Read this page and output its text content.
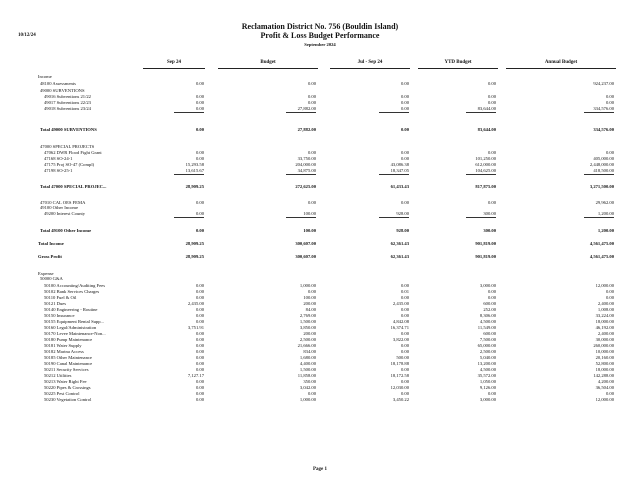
10/12/24
Reclamation District No. 756 (Bouldin Island)
Profit & Loss Budget Performance
September 2024
Sep 24	Budget	Jul - Sep 24	YTD Budget	Annual Budget
Income
48100 Assessments	0.00	0.00	0.00	0.00	924,237.00
49000 SUBVENTIONS
49016 Subventions 21/22	0.00	0.00	0.00	0.00	0.00
49017 Subventions 22/23	0.00	0.00	0.00	0.00	0.00
49018 Subventions 23/24	0.00	27,882.00	0.00	83,644.00	334,576.00
Total 49000 SUBVENTIONS	0.00	27,882.00	0.00	83,644.00	334,576.00
47000 SPECIAL PROJECTS
47062 DWR Flood Fight Grant	0.00	0.00	0.00	0.00	0.00
47168 SO-24-1	0.00	33,750.00	0.00	101,250.00	405,000.00
47175 Proj SO-47 (Compl)	15,293.58	204,000.00	43,086.38	612,000.00	2,448,000.00
47198 SO-25-1	13,615.67	34,875.00	18,347.05	104,625.00	418,500.00
Total 47000 SPECIAL PROJEC...	28,909.25	272,625.00	61,433.43	817,875.00	3,271,500.00
47010 CAL OES FEMA	0.00	0.00	0.00	0.00	29,962.00
49100 Other Income
49200 Interest County	0.00	100.00	928.00	300.00	1,200.00
Total 49100 Other Income	0.00	100.00	928.00	300.00	1,200.00
Total Income	28,909.25	300,607.00	62,361.43	901,819.00	4,561,475.00
Gross Profit	28,909.25	300,607.00	62,361.43	901,819.00	4,561,475.00
Expense
50000 G&A
50100 Accounting/Auditing Fees	0.00	1,000.00	0.00	3,000.00	12,000.00
50102 Bank Services Charges	0.00	0.00	0.01	0.00	0.00
50110 Fuel & Oil	0.00	100.00	0.00	0.00	0.00
50121 Dues	2,435.00	200.00	2,435.00	600.00	2,400.00
50140 Engineering - Routine	0.00	84.00	0.00	252.00	1,008.00
50150 Insurance	0.00	2,769.00	0.00	8,306.00	33,224.00
50155 Equipment Rental Supp...	0.00	1,500.00	4,842.08	4,500.00	18,000.00
50160 Legal/Administration	3,751.91	3,850.00	16,374.71	11,549.00	46,192.00
50170 Levee Maintenance-Non...	0.00	200.00	0.00	600.00	2,400.00
50180 Pump Maintenance	0.00	2,500.00	3,822.00	7,500.00	30,000.00
50181 Water Supply	0.00	21,666.00	0.00	65,000.00	260,000.00
50182 Marina Access	0.00	834.00	0.00	2,500.00	10,000.00
50185 Other Maintenance	0.00	1,680.00	500.00	5,040.00	20,160.00
50190 Canal Maintenance	0.00	4,400.00	18,178.88	13,200.00	52,800.00
50211 Security Services	0.00	1,500.00	0.00	4,500.00	18,000.00
50212 Utilities	7,127.17	11,858.00	18,172.58	35,572.00	142,288.00
50213 Water Right Fee	0.00	350.00	0.00	1,050.00	4,200.00
50220 Pipes & Crossings	0.00	3,042.00	12,030.00	9,126.00	36,504.00
50225 Pest Control	0.00	0.00	0.00	0.00	0.00
50230 Vegetation Control	0.00	1,000.00	3,450.22	3,000.00	12,000.00
Page 1
